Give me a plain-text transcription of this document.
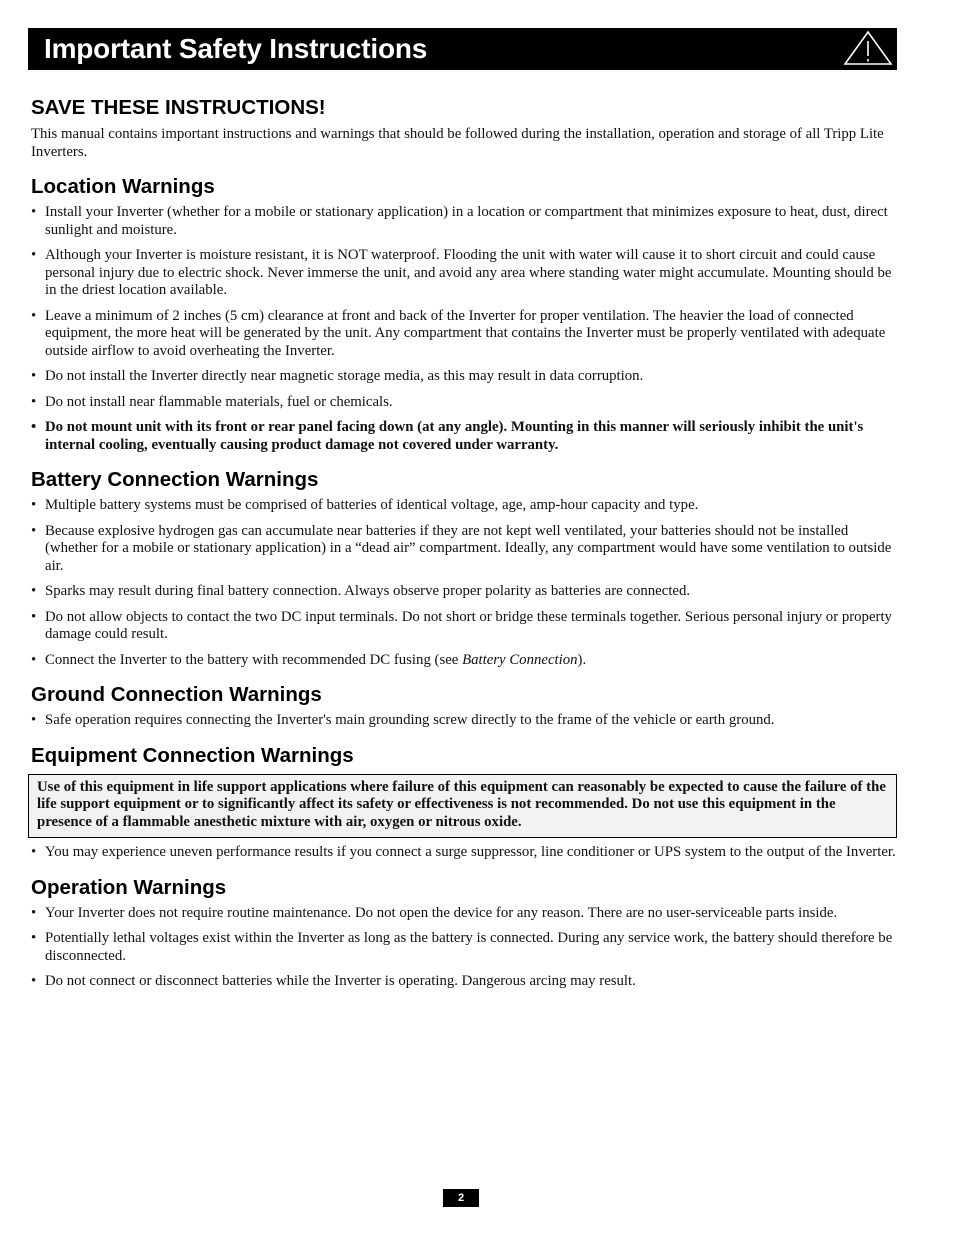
Important Safety Instructions
SAVE THESE INSTRUCTIONS!

This manual contains important instructions and warnings that should be followed during the installation, operation and storage of all Tripp Lite Inverters.

Location Warnings
• Install your Inverter (whether for a mobile or stationary application) in a location or compartment that minimizes exposure to heat, dust, direct sunlight and moisture.
• Although your Inverter is moisture resistant, it is NOT waterproof. Flooding the unit with water will cause it to short circuit and could cause personal injury due to electric shock. Never immerse the unit, and avoid any area where standing water might accumulate. Mounting should be in the driest location available.
• Leave a minimum of 2 inches (5 cm) clearance at front and back of the Inverter for proper ventilation. The heavier the load of connected equipment, the more heat will be generated by the unit. Any compartment that contains the Inverter must be properly ventilated with adequate outside airflow to avoid overheating the Inverter.
• Do not install the Inverter directly near magnetic storage media, as this may result in data corruption.
• Do not install near flammable materials, fuel or chemicals.
• Do not mount unit with its front or rear panel facing down (at any angle). Mounting in this manner will seriously inhibit the unit's internal cooling, eventually causing product damage not covered under warranty.
Battery Connection Warnings
• Multiple battery systems must be comprised of batteries of identical voltage, age, amp-hour capacity and type.
• Because explosive hydrogen gas can accumulate near batteries if they are not kept well ventilated, your batteries should not be installed (whether for a mobile or stationary application) in a “dead air” compartment. Ideally, any compartment would have some ventilation to outside air.
• Sparks may result during final battery connection. Always observe proper polarity as batteries are connected.
• Do not allow objects to contact the two DC input terminals. Do not short or bridge these terminals together. Serious personal injury or property damage could result.
• Connect the Inverter to the battery with recommended DC fusing (see Battery Connection).
Ground Connection Warnings
• Safe operation requires connecting the Inverter's main grounding screw directly to the frame of the vehicle or earth ground.
Equipment Connection Warnings
Use of this equipment in life support applications where failure of this equipment can reasonably be expected to cause the failure of the life support equipment or to significantly affect its safety or effectiveness is not recommended. Do not use this equipment in the presence of a flammable anesthetic mixture with air, oxygen or nitrous oxide.
• You may experience uneven performance results if you connect a surge suppressor, line conditioner or UPS system to the output of the Inverter.
Operation Warnings
• Your Inverter does not require routine maintenance. Do not open the device for any reason. There are no user-serviceable parts inside.
• Potentially lethal voltages exist within the Inverter as long as the battery is connected. During any service work, the battery should therefore be disconnected.
• Do not connect or disconnect batteries while the Inverter is operating. Dangerous arcing may result.
2
